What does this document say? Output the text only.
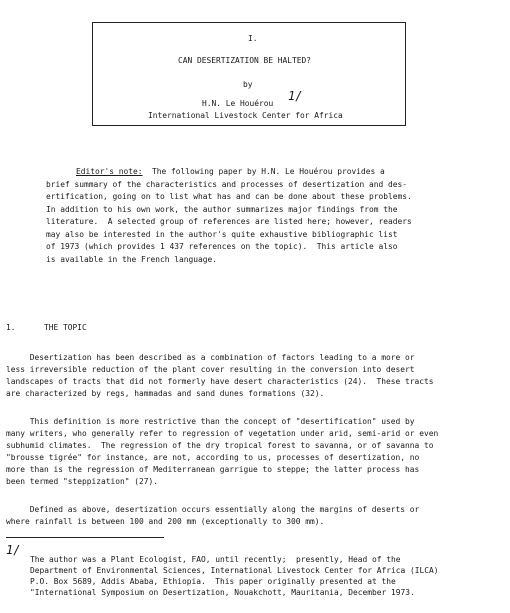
I.
CAN DESERTIZATION BE HALTED?
by
H.N. Le Houérou
1/
International Livestock Center for Africa
Editor's note:  The following paper by H.N. Le Houérou provides a
brief summary of the characteristics and processes of desertization and des-
ertification, going on to list what has and can be done about these problems.
In addition to his own work, the author summarizes major findings from the
literature.  A selected group of references are listed here; however, readers
may also be interested in the author's quite exhaustive bibliographic list
of 1973 (which provides 1 437 references on the topic).  This article also
is available in the French language.
1.	THE TOPIC
Desertization has been described as a combination of factors leading to a more or
less irreversible reduction of the plant cover resulting in the conversion into desert
landscapes of tracts that did not formerly have desert characteristics (24).  These tracts
are characterized by regs, hammadas and sand dunes formations (32).
This definition is more restrictive than the concept of "desertification" used by
many writers, who generally refer to regression of vegetation under arid, semi-arid or even
subhumid climates.  The regression of the dry tropical forest to savanna, or of savanna to
"brousse tigrée" for instance, are not, according to us, processes of desertization, no
more than is the regression of Mediterranean garrigue to steppe; the latter process has
been termed "steppization" (27).
Defined as above, desertization occurs essentially along the margins of deserts or
where rainfall is between 100 and 200 mm (exceptionally to 300 mm).
1/
The author was a Plant Ecologist, FAO, until recently;  presently, Head of the
Department of Environmental Sciences, International Livestock Center for Africa (ILCA)
P.O. Box 5689, Addis Ababa, Ethiopia.  This paper originally presented at the
"International Symposium on Desertization, Nouakchott, Mauritania, December 1973.
